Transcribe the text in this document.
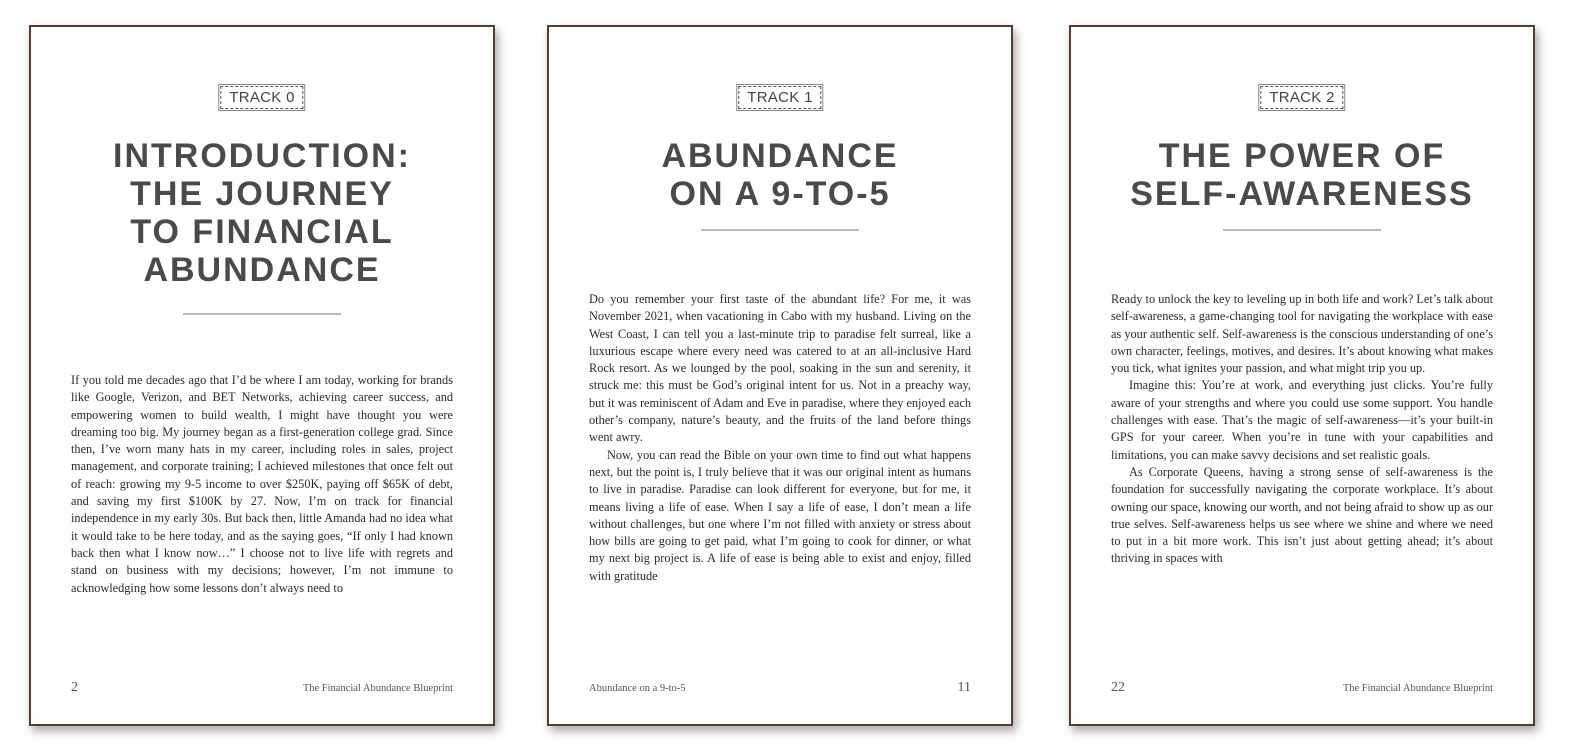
TRACK 0
INTRODUCTION:
THE JOURNEY
TO FINANCIAL
ABUNDANCE

If you told me decades ago that I’d be where I am today, working for brands like Google, Verizon, and BET Networks, achieving career success, and empowering women to build wealth, I might have thought you were dreaming too big. My journey began as a first-generation college grad. Since then, I’ve worn many hats in my career, including roles in sales, project management, and corporate training; I achieved milestones that once felt out of reach: growing my 9-5 income to over $250K, paying off $65K of debt, and saving my first $100K by 27. Now, I’m on track for financial independence in my early 30s. But back then, little Amanda had no idea what it would take to be here today, and as the saying goes, “If only I had known back then what I know now…” I choose not to live life with regrets and stand on business with my decisions; however, I’m not immune to acknowledging how some lessons don’t always need to

2	The Financial Abundance Blueprint
TRACK 1
ABUNDANCE
ON A 9-TO-5

Do you remember your first taste of the abundant life? For me, it was November 2021, when vacationing in Cabo with my husband. Living on the West Coast, I can tell you a last-minute trip to paradise felt surreal, like a luxurious escape where every need was catered to at an all-inclusive Hard Rock resort. As we lounged by the pool, soaking in the sun and serenity, it struck me: this must be God’s original intent for us. Not in a preachy way, but it was reminiscent of Adam and Eve in paradise, where they enjoyed each other’s company, nature’s beauty, and the fruits of the land before things went awry.

Now, you can read the Bible on your own time to find out what happens next, but the point is, I truly believe that it was our original intent as humans to live in paradise. Paradise can look different for everyone, but for me, it means living a life of ease. When I say a life of ease, I don’t mean a life without challenges, but one where I’m not filled with anxiety or stress about how bills are going to get paid, what I’m going to cook for dinner, or what my next big project is. A life of ease is being able to exist and enjoy, filled with gratitude

Abundance on a 9-to-5	11
TRACK 2
THE POWER OF
SELF-AWARENESS

Ready to unlock the key to leveling up in both life and work? Let’s talk about self-awareness, a game-changing tool for navigating the workplace with ease as your authentic self. Self-awareness is the conscious understanding of one’s own character, feelings, motives, and desires. It’s about knowing what makes you tick, what ignites your passion, and what might trip you up.

Imagine this: You’re at work, and everything just clicks. You’re fully aware of your strengths and where you could use some support. You handle challenges with ease. That’s the magic of self-awareness—it’s your built-in GPS for your career. When you’re in tune with your capabilities and limitations, you can make savvy decisions and set realistic goals.

As Corporate Queens, having a strong sense of self-awareness is the foundation for successfully navigating the corporate workplace. It’s about owning our space, knowing our worth, and not being afraid to show up as our true selves. Self-awareness helps us see where we shine and where we need to put in a bit more work. This isn’t just about getting ahead; it’s about thriving in spaces with

22	The Financial Abundance Blueprint
